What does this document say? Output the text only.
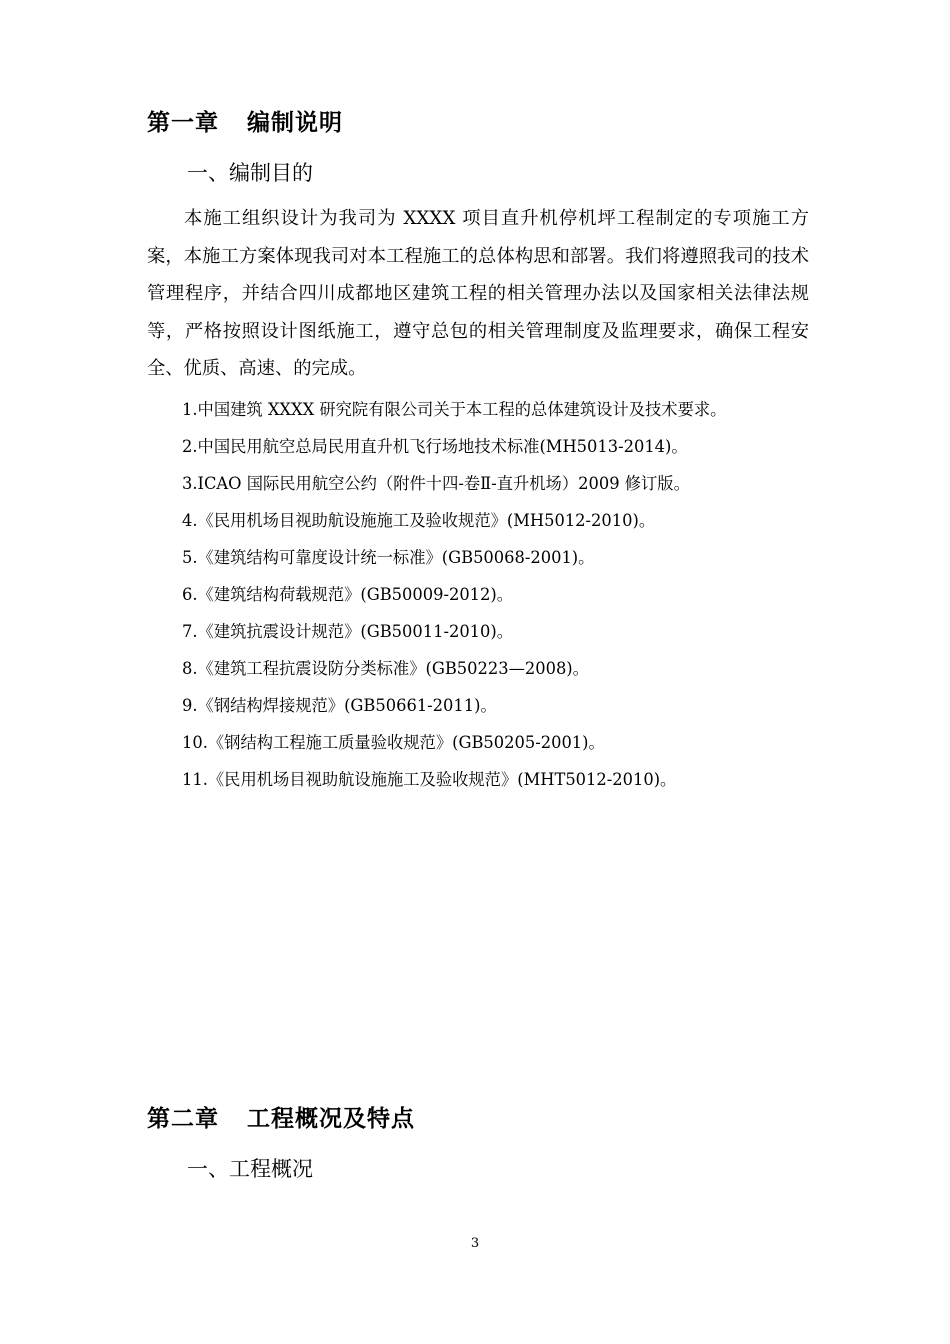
第一章 编制说明
一、编制目的
本施工组织设计为我司为 XXXX 项目直升机停机坪工程制定的专项施工方案，本施工方案体现我司对本工程施工的总体构思和部署。我们将遵照我司的技术管理程序，并结合四川成都地区建筑工程的相关管理办法以及国家相关法律法规等，严格按照设计图纸施工，遵守总包的相关管理制度及监理要求，确保工程安全、优质、高速、的完成。
1.中国建筑 XXXX 研究院有限公司关于本工程的总体建筑设计及技术要求。
2.中国民用航空总局民用直升机飞行场地技术标准(MH5013-2014)。
3.ICAO 国际民用航空公约（附件十四-卷Ⅱ-直升机场）2009 修订版。
4.《民用机场目视助航设施施工及验收规范》(MH5012-2010)。
5.《建筑结构可靠度设计统一标准》(GB50068-2001)。
6.《建筑结构荷载规范》(GB50009-2012)。
7.《建筑抗震设计规范》(GB50011-2010)。
8.《建筑工程抗震设防分类标准》(GB50223—2008)。
9.《钢结构焊接规范》(GB50661-2011)。
10.《钢结构工程施工质量验收规范》(GB50205-2001)。
11.《民用机场目视助航设施施工及验收规范》(MHT5012-2010)。
第二章 工程概况及特点
一、工程概况
3
